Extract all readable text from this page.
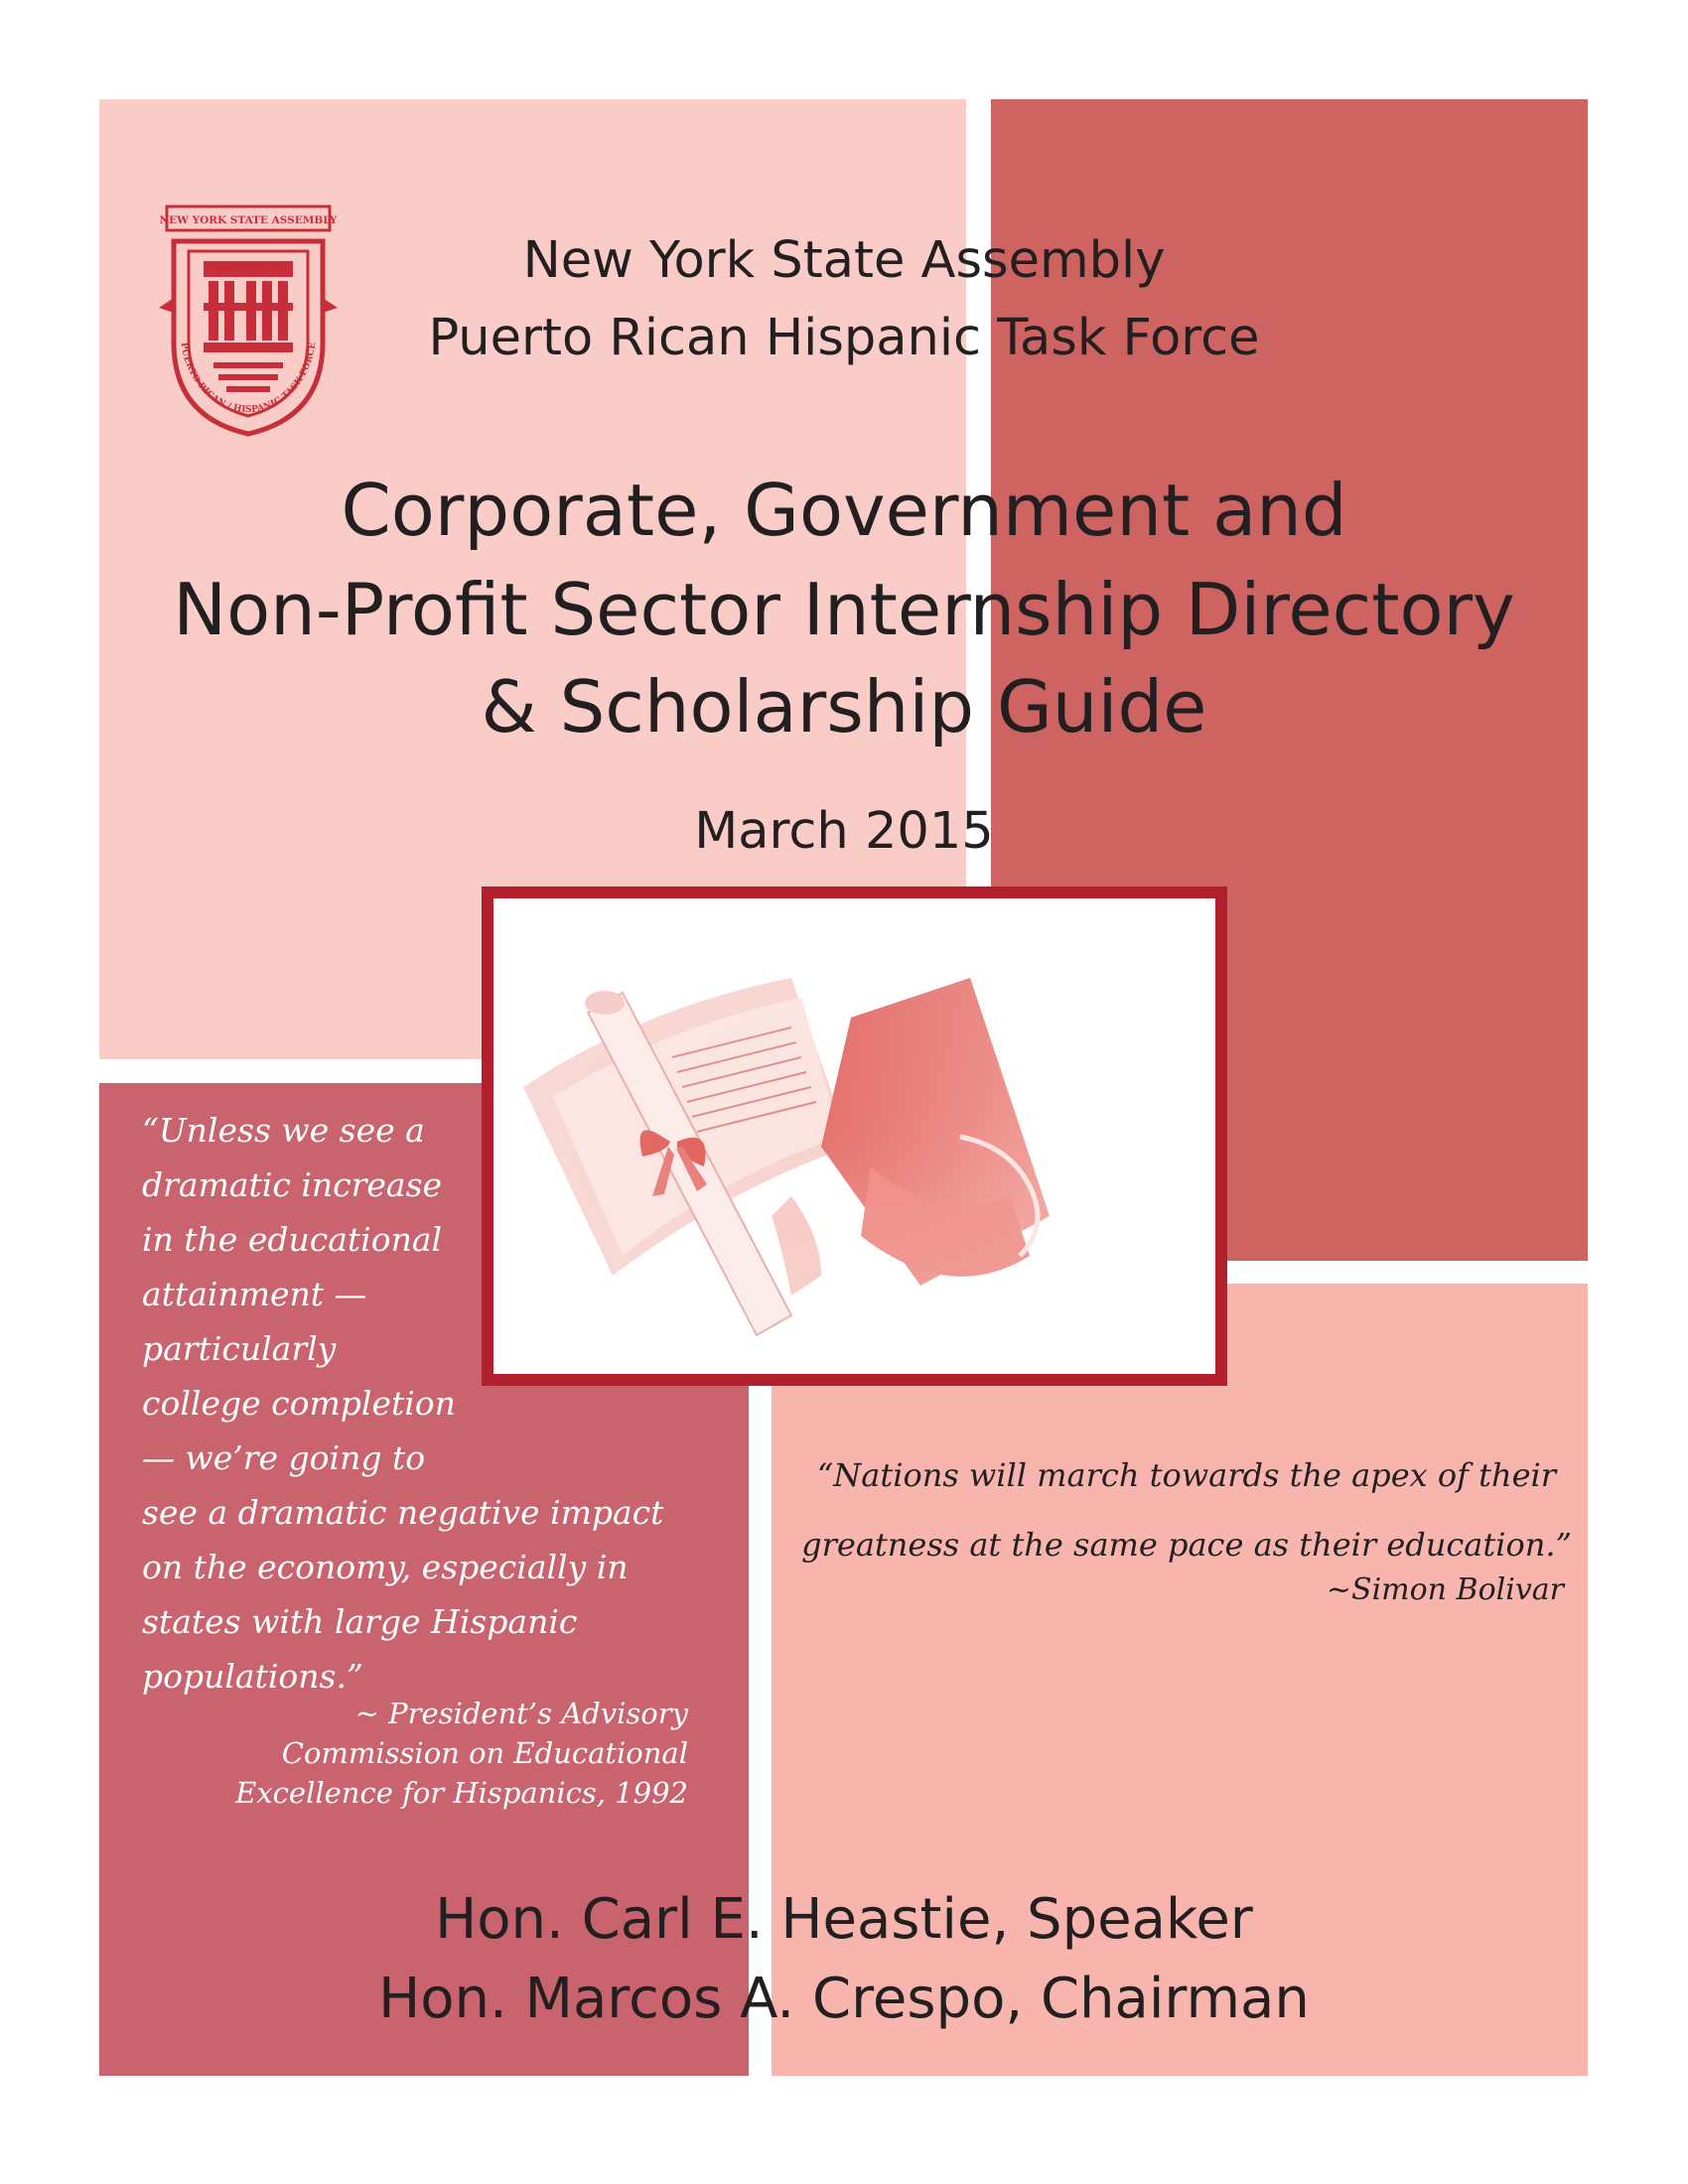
NEW YORK STATE ASSEMBLY
PUERTO RICAN / HISPANIC TASK FORCE
New York State Assembly
Puerto Rican Hispanic Task Force
Corporate, Government and
Non-Profit Sector Internship Directory
& Scholarship Guide
March 2015
“Unless we see a
dramatic increase
in the educational
attainment —
particularly
college completion
— we’re going to
see a dramatic negative impact
on the economy, especially in
states with large Hispanic
populations.”
~ President’s Advisory
Commission on Educational
Excellence for Hispanics, 1992
“Nations will march towards the apex of their
greatness at the same pace as their education.”
~Simon Bolivar
Hon. Carl E. Heastie, Speaker
Hon. Marcos A. Crespo, Chairman
